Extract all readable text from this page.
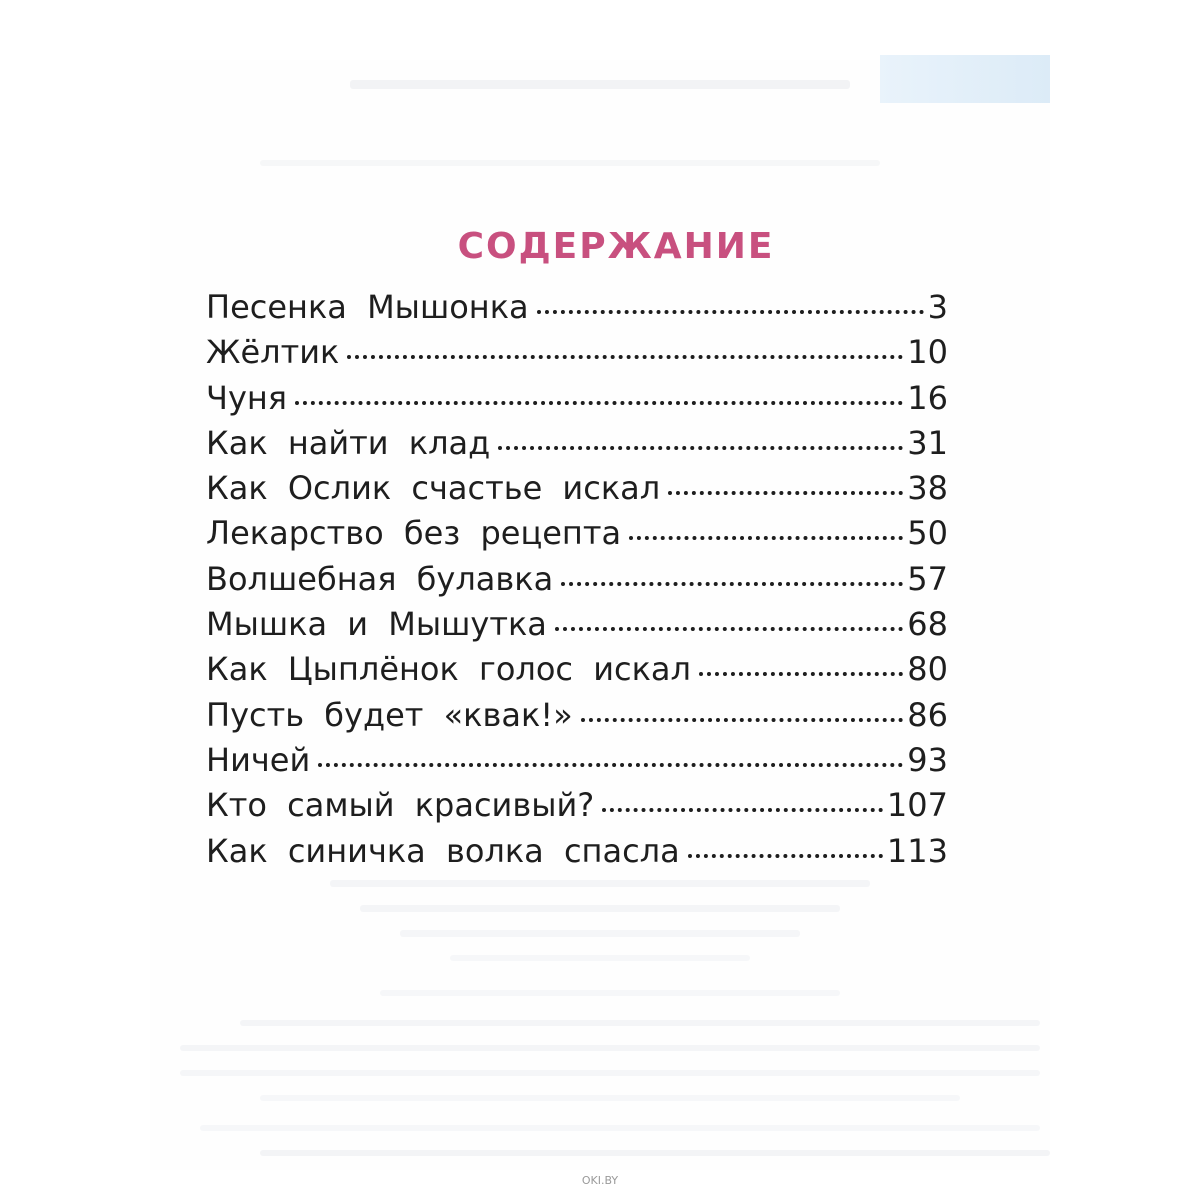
СОДЕРЖАНИЕ
Песенка Мышонка	3
Жёлтик	10
Чуня	16
Как найти клад	31
Как Ослик счастье искал	38
Лекарство без рецепта	50
Волшебная булавка	57
Мышка и Мышутка	68
Как Цыплёнок голос искал	80
Пусть будет «квак!»	86
Ничей	93
Кто самый красивый?	107
Как синичка волка спасла	113
OKI.BY
